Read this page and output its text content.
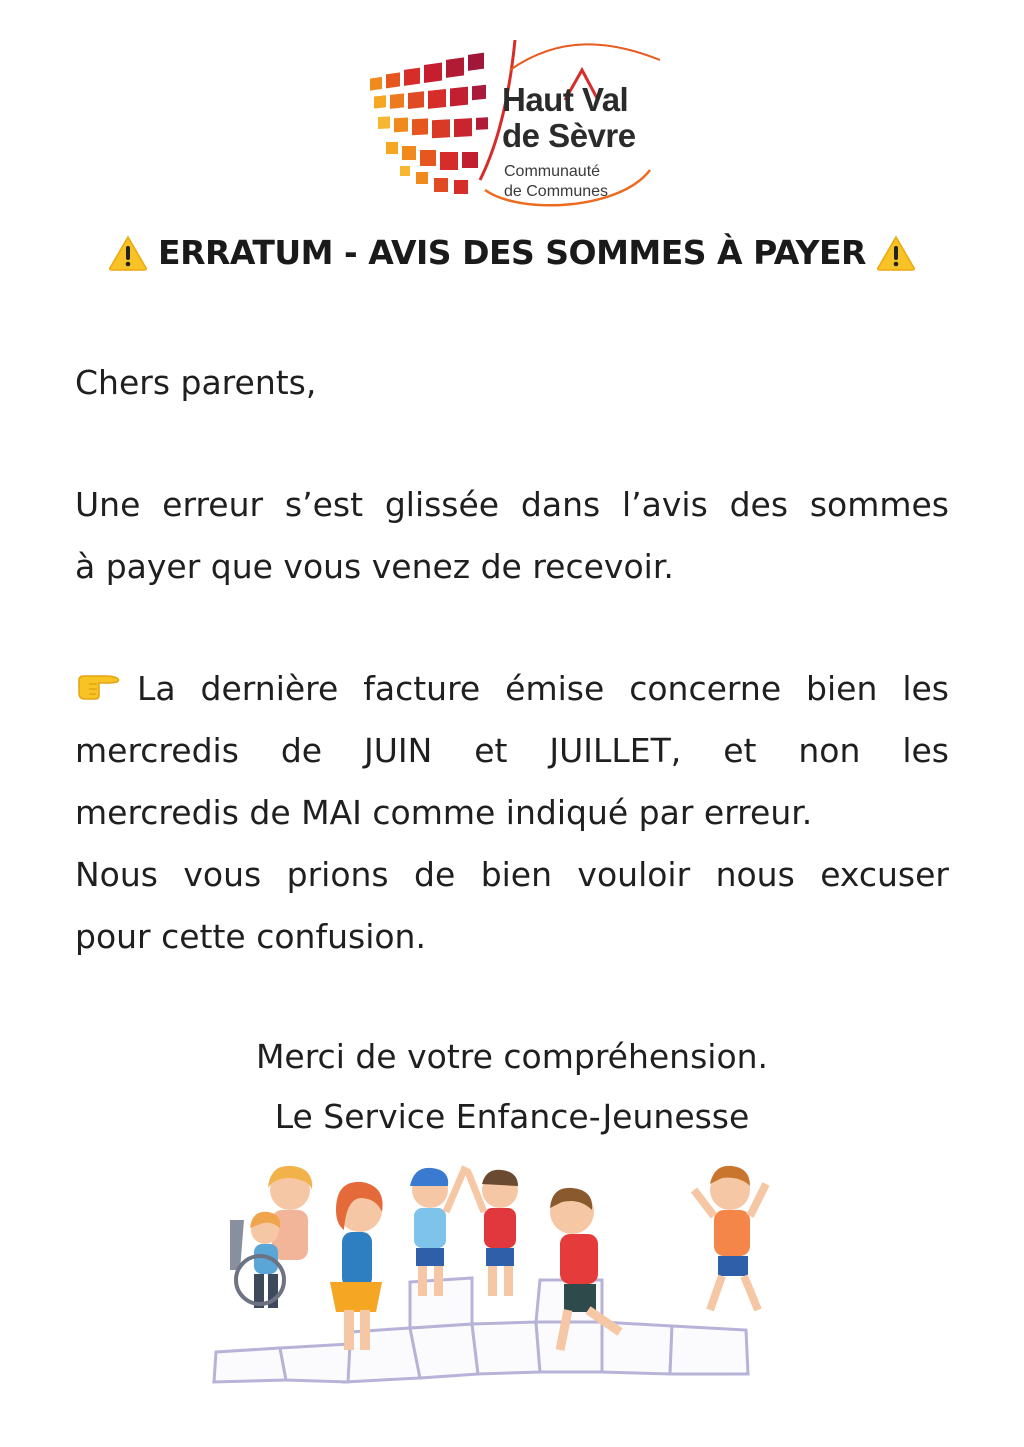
Haut Val
de Sèvre
Communauté
de Communes
ERRATUM - AVIS DES SOMMES À PAYER
Chers parents,
Une erreur s’est glissée dans l’avis des sommes
à payer que vous venez de recevoir.
La dernière facture émise concerne bien les
mercredis de JUIN et JUILLET, et non les
mercredis de MAI comme indiqué par erreur.
Nous vous prions de bien vouloir nous excuser
pour cette confusion.
Merci de votre compréhension.
Le Service Enfance-Jeunesse
